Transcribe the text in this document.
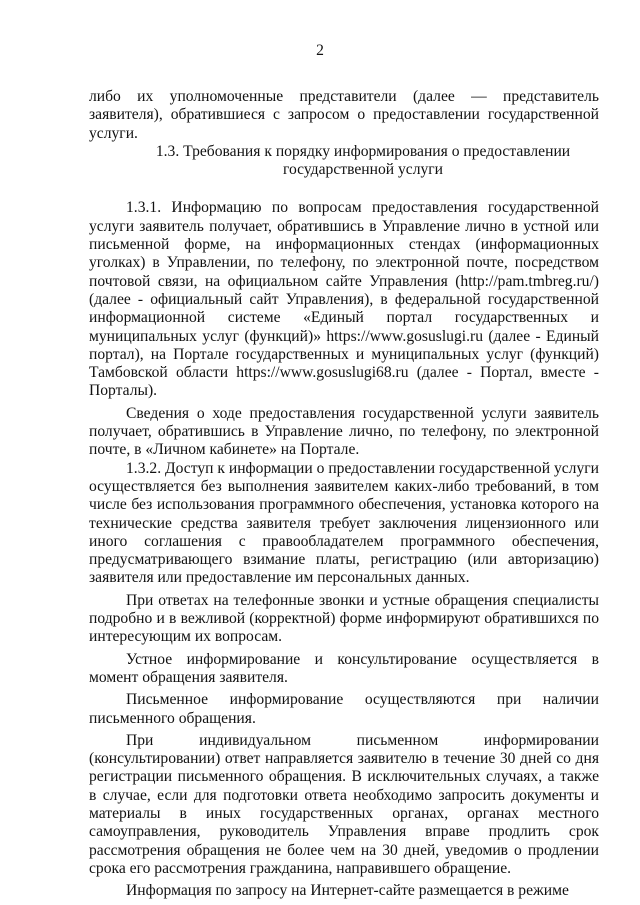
2

либо их уполномоченные представители (далее — представитель заявителя), обратившиеся с запросом о предоставлении государственной услуги.

1.3. Требования к порядку информирования о предоставлении государственной услуги

1.3.1. Информацию по вопросам предоставления государственной услуги заявитель получает, обратившись в Управление лично в устной или письменной форме, на информационных стендах (информационных уголках) в Управлении, по телефону, по электронной почте, посредством почтовой связи, на официальном сайте Управления (http://pam.tmbreg.ru/) (далее - официальный сайт Управления), в федеральной государственной информационной системе «Единый портал государственных и муниципальных услуг (функций)» https://www.gosuslugi.ru (далее - Единый портал), на Портале государственных и муниципальных услуг (функций) Тамбовской области https://www.gosuslugi68.ru (далее - Портал, вместе - Порталы).

Сведения о ходе предоставления государственной услуги заявитель получает, обратившись в Управление лично, по телефону, по электронной почте, в «Личном кабинете» на Портале.

1.3.2. Доступ к информации о предоставлении государственной услуги осуществляется без выполнения заявителем каких-либо требований, в том числе без использования программного обеспечения, установка которого на технические средства заявителя требует заключения лицензионного или иного соглашения с правообладателем программного обеспечения, предусматривающего взимание платы, регистрацию (или авторизацию) заявителя или предоставление им персональных данных.

При ответах на телефонные звонки и устные обращения специалисты подробно и в вежливой (корректной) форме информируют обратившихся по интересующим их вопросам.

Устное информирование и консультирование осуществляется в момент обращения заявителя.

Письменное информирование осуществляются при наличии письменного обращения.

При индивидуальном письменном информировании (консультировании) ответ направляется заявителю в течение 30 дней со дня регистрации письменного обращения. В исключительных случаях, а также в случае, если для подготовки ответа необходимо запросить документы и материалы в иных государственных органах, органах местного самоуправления, руководитель Управления вправе продлить срок рассмотрения обращения не более чем на 30 дней, уведомив о продлении срока его рассмотрения гражданина, направившего обращение.

Информация по запросу на Интернет-сайте размещается в режиме
